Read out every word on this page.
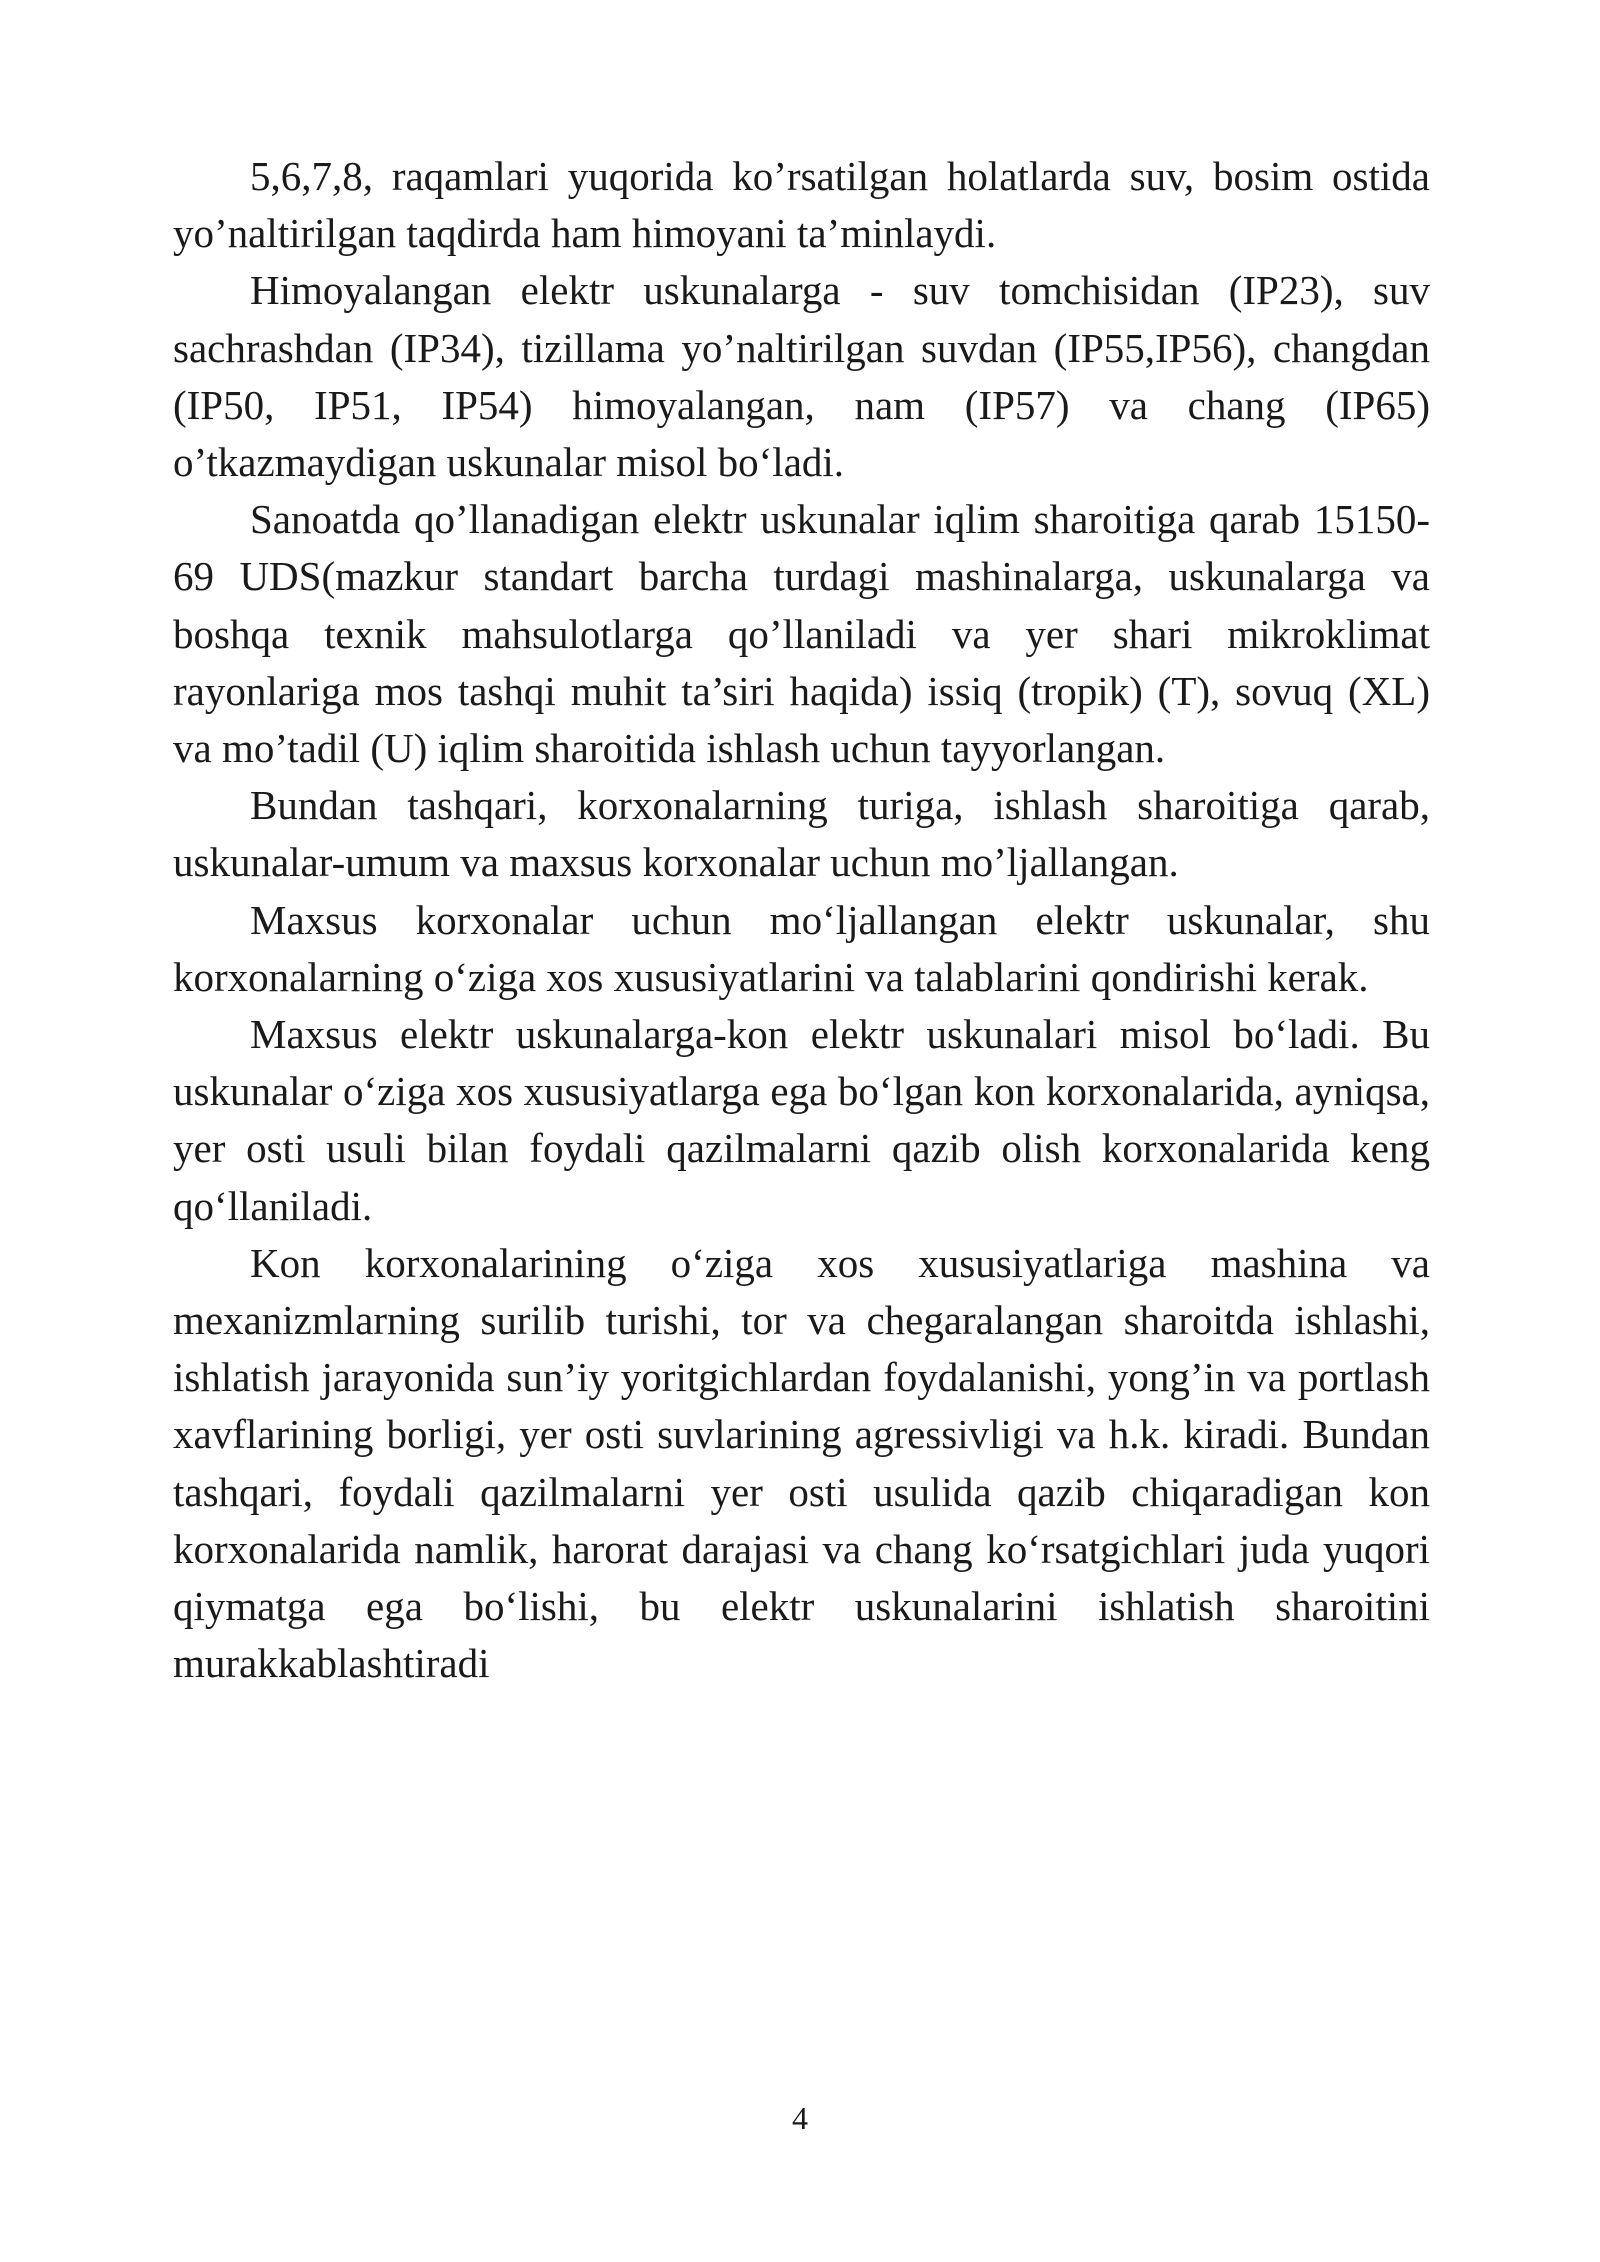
5,6,7,8, raqamlari yuqorida ko’rsatilgan holatlarda suv, bosim ostida yo’naltirilgan taqdirda ham himoyani ta’minlaydi.

Himoyalangan elektr uskunalarga - suv tomchisidan (IP23), suv sachrashdan (IP34), tizillama yo’naltirilgan suvdan (IP55,IP56), changdan (IP50, IP51, IP54) himoyalangan, nam (IP57) va chang (IP65) o’tkazmaydigan uskunalar misol boʻladi.

Sanoatda qo’llanadigan elektr uskunalar iqlim sharoitiga qarab 15150-69 UDS(mazkur standart barcha turdagi mashinalarga, uskunalarga va boshqa texnik mahsulotlarga qo’llaniladi va yer shari mikroklimat rayonlariga mos tashqi muhit ta’siri haqida) issiq (tropik) (T), sovuq (XL) va mo’tadil (U) iqlim sharoitida ishlash uchun tayyorlangan.

Bundan tashqari, korxonalarning turiga, ishlash sharoitiga qarab, uskunalar-umum va maxsus korxonalar uchun mo’ljallangan.

Maxsus korxonalar uchun moʻljallangan elektr uskunalar, shu korxonalarning oʻziga xos xususiyatlarini va talablarini qondirishi kerak.

Maxsus elektr uskunalarga-kon elektr uskunalari misol boʻladi. Bu uskunalar oʻziga xos xususiyatlarga ega boʻlgan kon korxonalarida, ayniqsa, yer osti usuli bilan foydali qazilmalarni qazib olish korxonalarida keng qoʻllaniladi.

Kon korxonalarining oʻziga xos xususiyatlariga mashina va mexanizmlarning surilib turishi, tor va chegaralangan sharoitda ishlashi, ishlatish jarayonida sun’iy yoritgichlardan foydalanishi, yong’in va portlash xavflarining borligi, yer osti suvlarining agressivligi va h.k. kiradi. Bundan tashqari, foydali qazilmalarni yer osti usulida qazib chiqaradigan kon korxonalarida namlik, harorat darajasi va chang koʻrsatgichlari juda yuqori qiymatga ega boʻlishi, bu elektr uskunalarini ishlatish sharoitini murakkablashtiradi

4
